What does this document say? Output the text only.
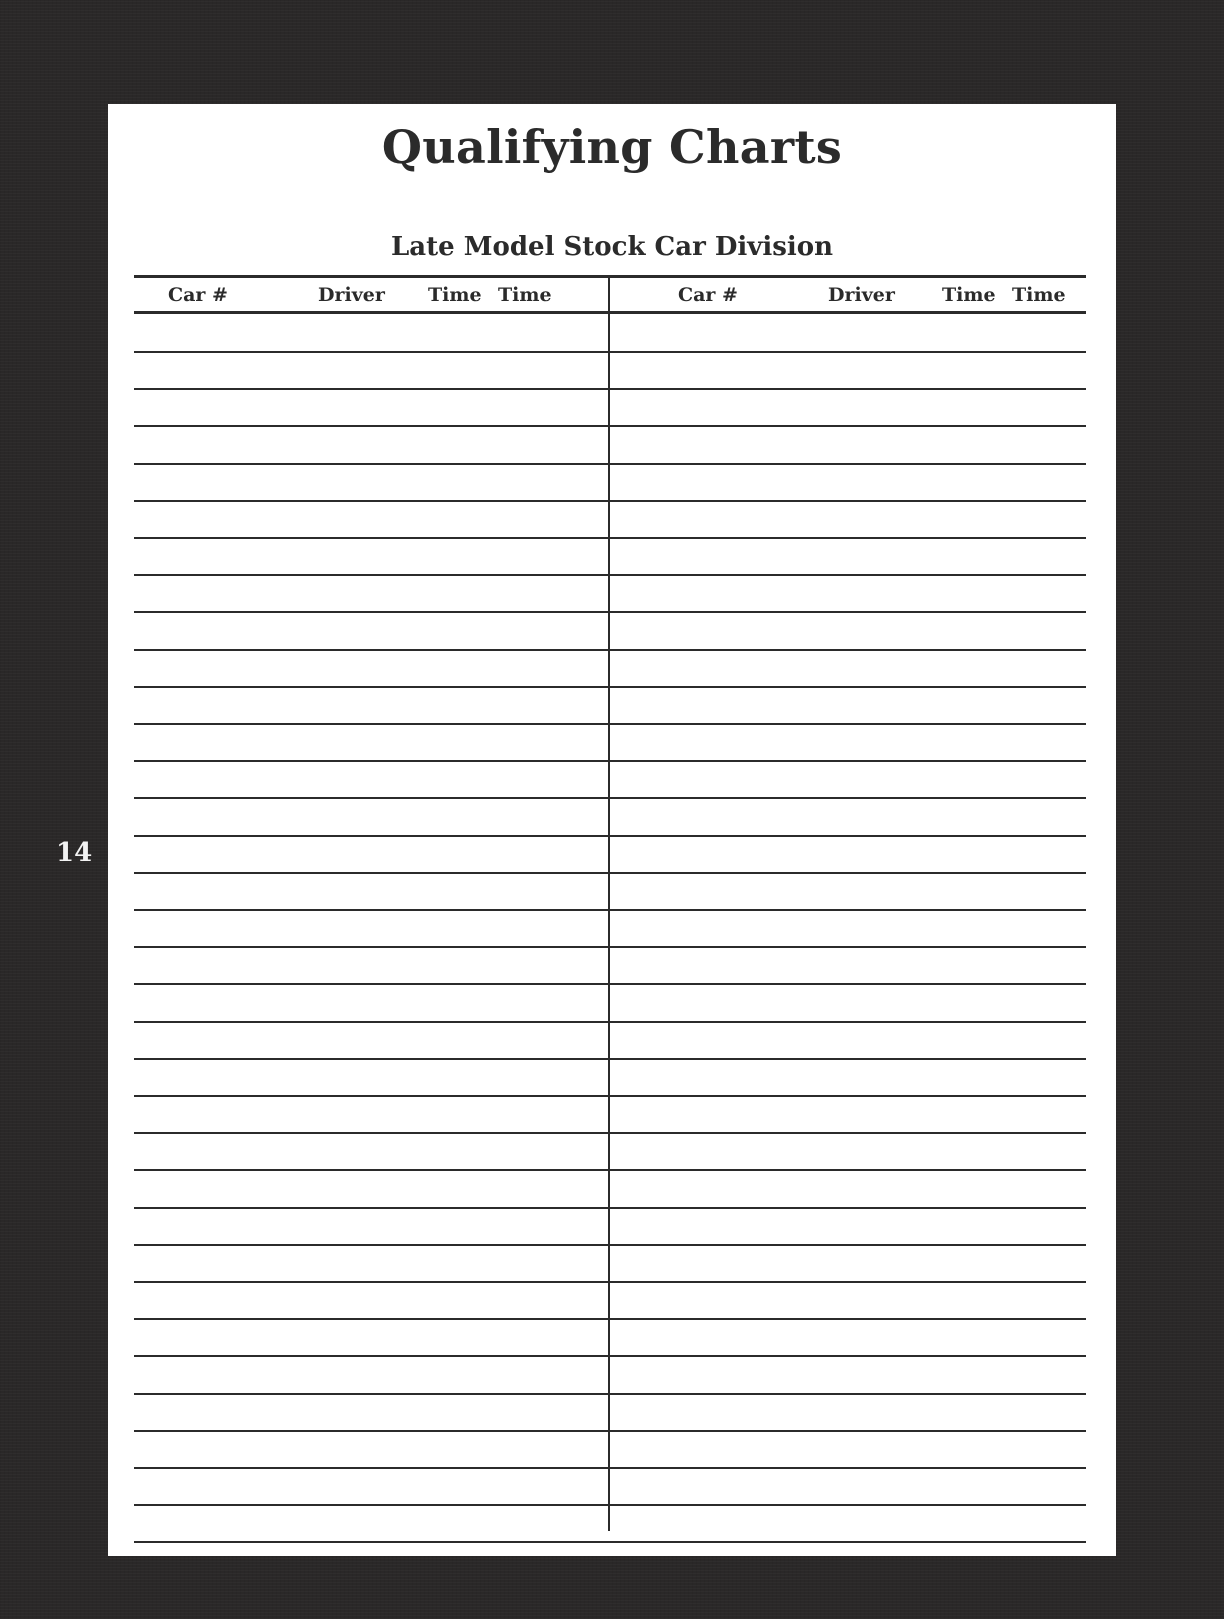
Qualifying Charts
Late Model Stock Car Division
Car #	Driver Time Time	Car #	Driver Time Time
14
